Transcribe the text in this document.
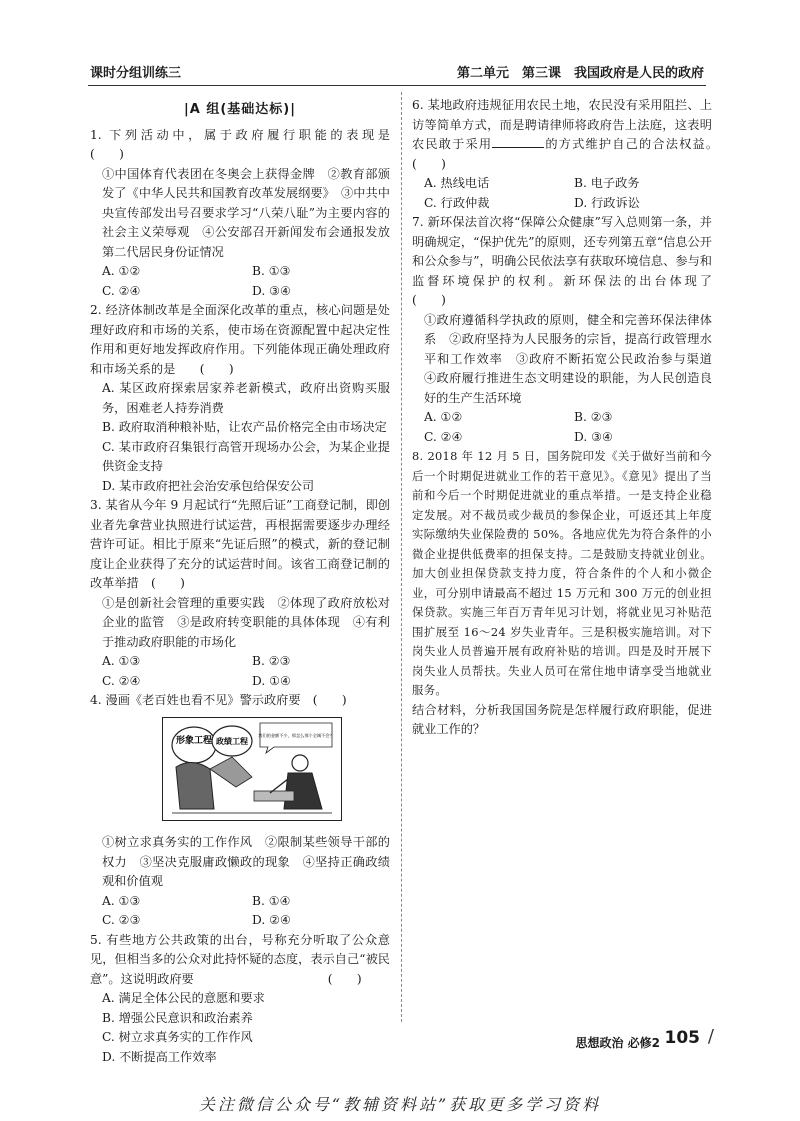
课时分组训练三	第二单元　第三课　我国政府是人民的政府
|A 组(基础达标)|
1. 下列活动中，属于政府履行职能的表现是　　　　(　　)
①中国体育代表团在冬奥会上获得金牌　②教育部颁发了《中华人民共和国教育改革发展纲要》　③中共中央宣传部发出号召要求学习“八荣八耻”为主要内容的社会主义荣辱观　④公安部召开新闻发布会通报发放第二代居民身份证情况
A. ①②	B. ①③
C. ②④	D. ③④
2. 经济体制改革是全面深化改革的重点，核心问题是处理好政府和市场的关系，使市场在资源配置中起决定性作用和更好地发挥政府作用。下列能体现正确处理政府和市场关系的是　　 (　　)
A. 某区政府探索居家养老新模式，政府出资购买服务，困难老人持券消费
B. 政府取消种粮补贴，让农产品价格完全由市场决定
C. 某市政府召集银行高管开现场办公会，为某企业提供资金支持
D. 某市政府把社会治安承包给保安公司
3. 某省从今年 9 月起试行“先照后证”工商登记制，即创业者先拿营业执照进行试运营，再根据需要逐步办理经营许可证。相比于原来“先证后照”的模式，新的登记制度让企业获得了充分的试运营时间。该省工商登记制的改革举措　 (　　)
①是创新社会管理的重要实践　②体现了政府放松对企业的监管　③是政府转变职能的具体体现　④有利于推动政府职能的市场化
A. ①③	B. ②③
C. ②④	D. ①④
4. 漫画《老百姓也看不见》警示政府要　 (　　)
形象工程 政绩工程
我们的金额不少，那怎么那个全城不会？
①树立求真务实的工作作风　②限制某些领导干部的权力　③坚决克服庸政懒政的现象　④坚持正确政绩观和价值观
A. ①③	B. ①④
C. ②③	D. ②④
5. 有些地方公共政策的出台，号称充分听取了公众意见，但相当多的公众对此持怀疑的态度，表示自己“被民意”。这说明政府要　　　　　　　　　　　	(　　)
A. 满足全体公民的意愿和要求
B. 增强公民意识和政治素养
C. 树立求真务实的工作作风
D. 不断提高工作效率
6. 某地政府违规征用农民土地，农民没有采用阻拦、上访等简单方式，而是聘请律师将政府告上法庭，这表明农民敢于采用	的方式维护自己的合法权益。　　　　　　　　　　　　(　　)
A. 热线电话	B. 电子政务
C. 行政仲裁	D. 行政诉讼
7. 新环保法首次将“保障公众健康”写入总则第一条，并明确规定，“保护优先”的原则，还专列第五章“信息公开和公众参与”，明确公民依法享有获取环境信息、参与和监督环境保护的权利。新环保法的出台体现了　　　　　　　　　　　　(　　)
①政府遵循科学执政的原则，健全和完善环保法律体系　②政府坚持为人民服务的宗旨，提高行政管理水平和工作效率　③政府不断拓宽公民政治参与渠道　④政府履行推进生态文明建设的职能，为人民创造良好的生产生活环境
A. ①②	B. ②③
C. ②④	D. ③④
8. 2018 年 12 月 5 日，国务院印发《关于做好当前和今后一个时期促进就业工作的若干意见》。《意见》提出了当前和今后一个时期促进就业的重点举措。一是支持企业稳定发展。对不裁员或少裁员的参保企业，可返还其上年度实际缴纳失业保险费的 50%。各地应优先为符合条件的小微企业提供低费率的担保支持。二是鼓励支持就业创业。加大创业担保贷款支持力度，符合条件的个人和小微企业，可分别申请最高不超过 15 万元和 300 万元的创业担保贷款。实施三年百万青年见习计划，将就业见习补贴范围扩展至 16～24 岁失业青年。三是积极实施培训。对下岗失业人员普遍开展有政府补贴的培训。四是及时开展下岗失业人员帮扶。失业人员可在常住地申请享受当地就业服务。
结合材料，分析我国国务院是怎样履行政府职能，促进就业工作的？
思想政治 必修2 105 /
关注微信公众号“教辅资料站”获取更多学习资料
